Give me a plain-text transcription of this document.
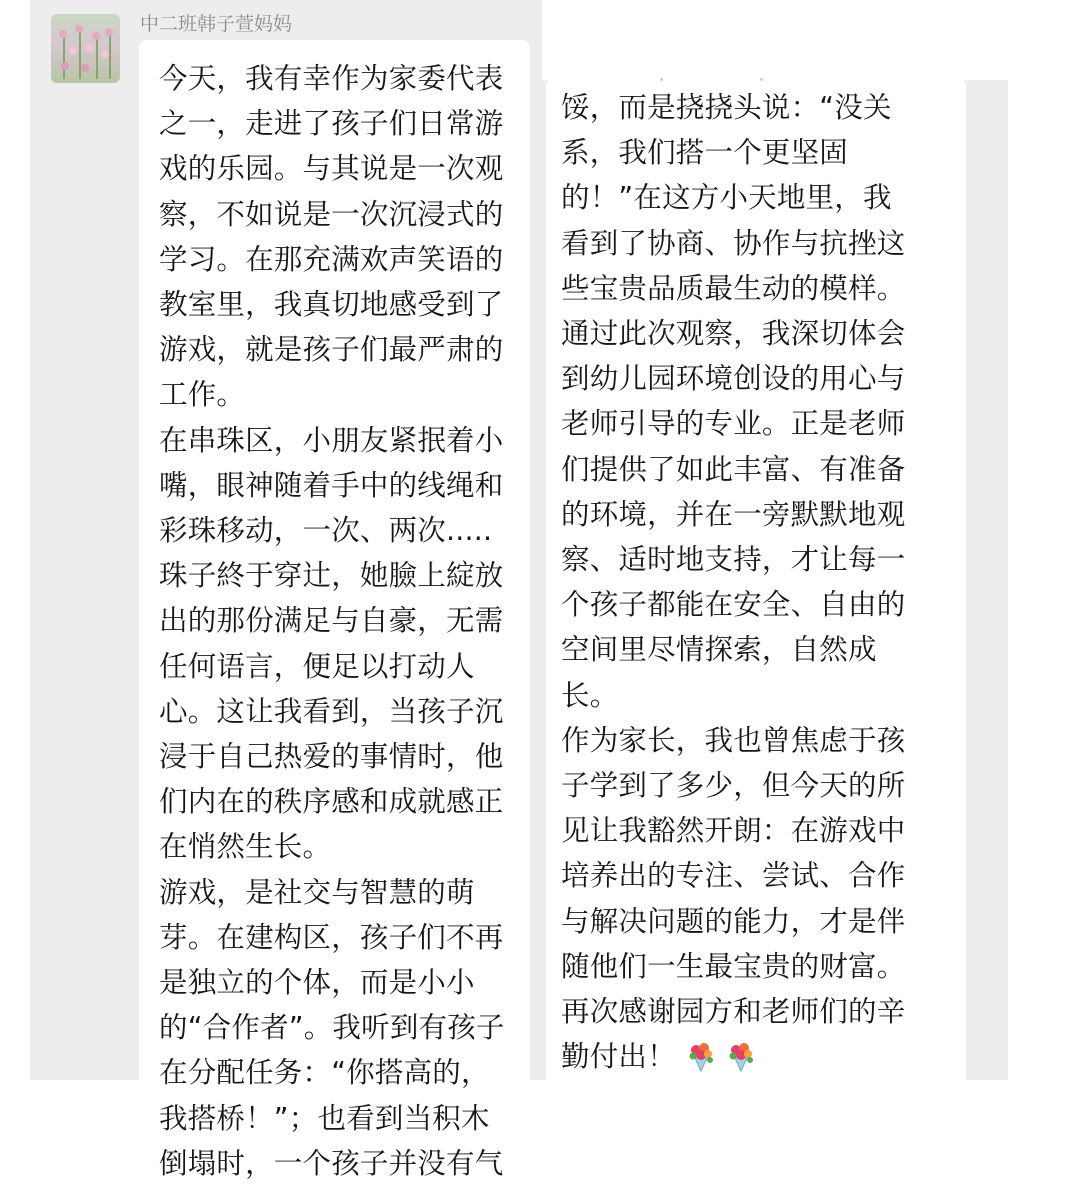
中二班韩子萱妈妈
今天，我有幸作为家委代表
之一，走进了孩子们日常游
戏的乐园。与其说是一次观
察，不如说是一次沉浸式的
学习。在那充满欢声笑语的
教室里，我真切地感受到了
游戏，就是孩子们最严肃的
工作。
在串珠区，小朋友紧抿着小
嘴，眼神随着手中的线绳和
彩珠移动，一次、两次.....
珠子終于穿辻，她臉上綻放
出的那份满足与自豪，无需
任何语言，便足以打动人
心。这让我看到，当孩子沉
浸于自己热爱的事情时，他
们内在的秩序感和成就感正
在悄然生长。
游戏，是社交与智慧的萌
芽。在建构区，孩子们不再
是独立的个体，而是小小
的“合作者”。我听到有孩子
在分配任务：“你搭高的，
我搭桥！”；也看到当积木
倒塌时，一个孩子并没有气
馁，而是挠挠头说：“没关
系，我们搭一个更坚固
的！”在这方小天地里，我
看到了协商、协作与抗挫这
些宝贵品质最生动的模样。
通过此次观察，我深切体会
到幼儿园环境创设的用心与
老师引导的专业。正是老师
们提供了如此丰富、有准备
的环境，并在一旁默默地观
察、适时地支持，才让每一
个孩子都能在安全、自由的
空间里尽情探索，自然成
长。
作为家长，我也曾焦虑于孩
子学到了多少，但今天的所
见让我豁然开朗：在游戏中
培养出的专注、尝试、合作
与解决问题的能力，才是伴
随他们一生最宝贵的财富。
再次感谢园方和老师们的辛
勤付出！
